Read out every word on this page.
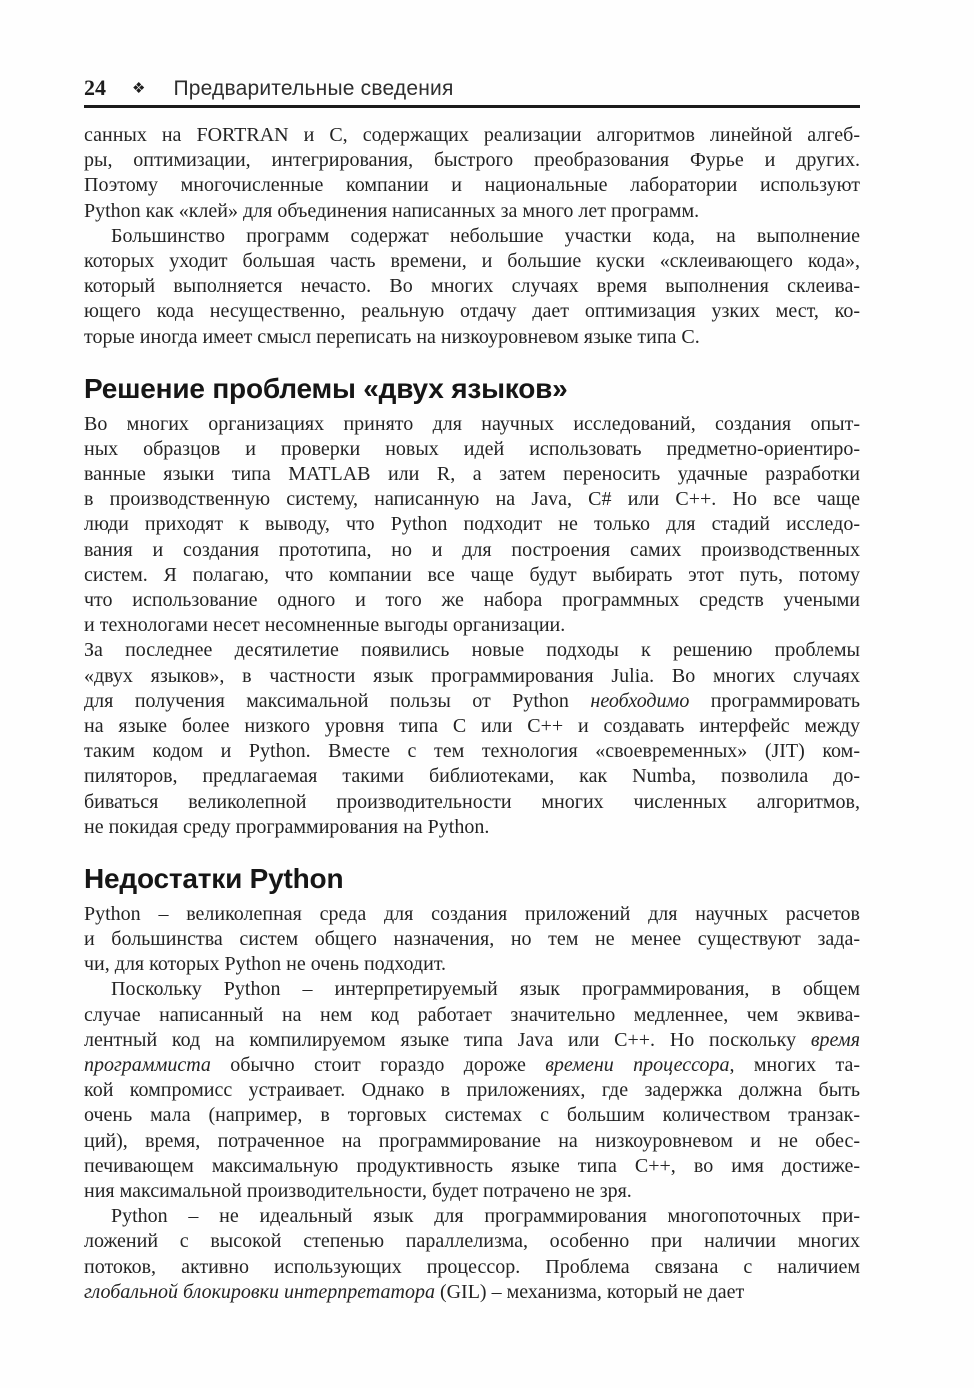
24 ❖ Предварительные сведения
санных на FORTRAN и C, содержащих реализации алгоритмов линейной алгеб-
ры, оптимизации, интегрирования, быстрого преобразования Фурье и других.
Поэтому многочисленные компании и национальные лаборатории используют
Python как «клей» для объединения написанных за много лет программ.
Большинство программ содержат небольшие участки кода, на выполнение
которых уходит большая часть времени, и большие куски «склеивающего кода»,
который выполняется нечасто. Во многих случаях время выполнения склеива-
ющего кода несущественно, реальную отдачу дает оптимизация узких мест, ко-
торые иногда имеет смысл переписать на низкоуровневом языке типа C.
Решение проблемы «двух языков»
Во многих организациях принято для научных исследований, создания опыт-
ных образцов и проверки новых идей использовать предметно-ориентиро-
ванные языки типа MATLAB или R, а затем переносить удачные разработки
в производственную систему, написанную на Java, C# или C++. Но все чаще
люди приходят к выводу, что Python подходит не только для стадий исследо-
вания и создания прототипа, но и для построения самих производственных
систем. Я полагаю, что компании все чаще будут выбирать этот путь, потому
что использование одного и того же набора программных средств учеными
и технологами несет несомненные выгоды организации.
За последнее десятилетие появились новые подходы к решению проблемы
«двух языков», в частности язык программирования Julia. Во многих случаях
для получения максимальной пользы от Python необходимо программировать
на языке более низкого уровня типа C или C++ и создавать интерфейс между
таким кодом и Python. Вместе с тем технология «своевременных» (JIT) ком-
пиляторов, предлагаемая такими библиотеками, как Numba, позволила до-
биваться великолепной производительности многих численных алгоритмов,
не покидая среду программирования на Python.
Недостатки Python
Python – великолепная среда для создания приложений для научных расчетов
и большинства систем общего назначения, но тем не менее существуют зада-
чи, для которых Python не очень подходит.
Поскольку Python – интерпретируемый язык программирования, в общем
случае написанный на нем код работает значительно медленнее, чем эквива-
лентный код на компилируемом языке типа Java или C++. Но поскольку время
программиста обычно стоит гораздо дороже времени процессора, многих та-
кой компромисс устраивает. Однако в приложениях, где задержка должна быть
очень мала (например, в торговых системах с большим количеством транзак-
ций), время, потраченное на программирование на низкоуровневом и не обес-
печивающем максимальную продуктивность языке типа C++, во имя достиже-
ния максимальной производительности, будет потрачено не зря.
Python – не идеальный язык для программирования многопоточных при-
ложений с высокой степенью параллелизма, особенно при наличии многих
потоков, активно использующих процессор. Проблема связана с наличием
глобальной блокировки интерпретатора (GIL) – механизма, который не дает
